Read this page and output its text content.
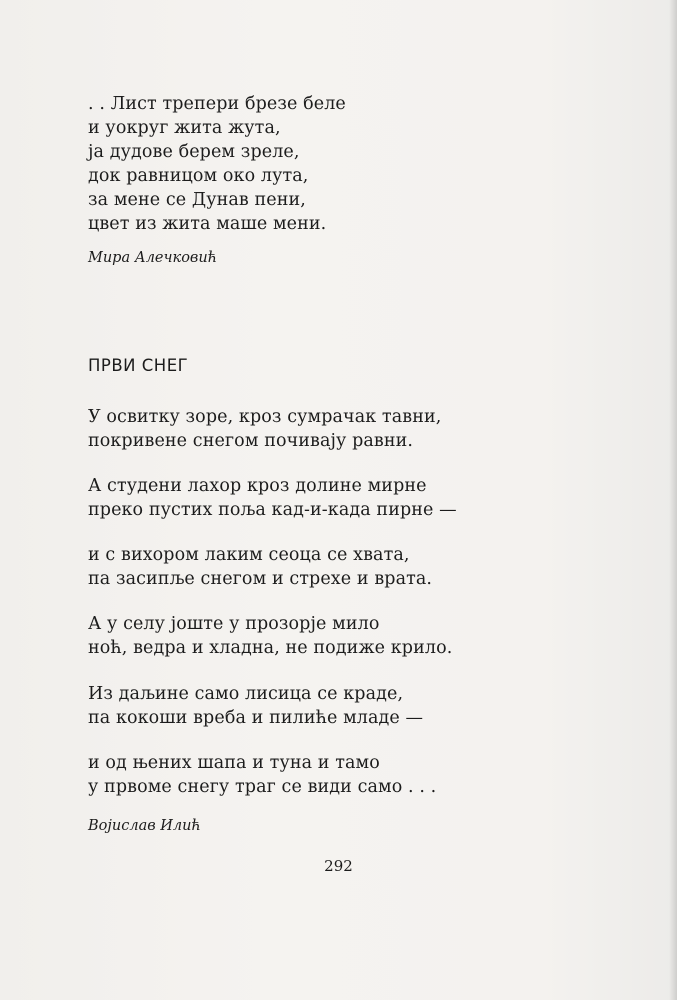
. . Лист трепери брезе беле
и уокруг жита жута,
ја дудове берем зреле,
док равницом око лута,
за мене се Дунав пени,
цвет из жита маше мени.
Мира Алечковић
ПРВИ СНЕГ
У освитку зоре, кроз сумрачак тавни,
покривене снегом почивају равни.
А студени лахор кроз долине мирне
преко пустих поља кад-и-када пирне —
и с вихором лаким сеоца се хвата,
па засипље снегом и стрехе и врата.
А у селу јоште у прозорје мило
ноћ, ведра и хладна, не подиже крило.
Из даљине само лисица се краде,
па кокоши вреба и пилиће младе —
и од њених шапа и туна и тамо
у првоме снегу траг се види само . . .
Војислав Илић
292
